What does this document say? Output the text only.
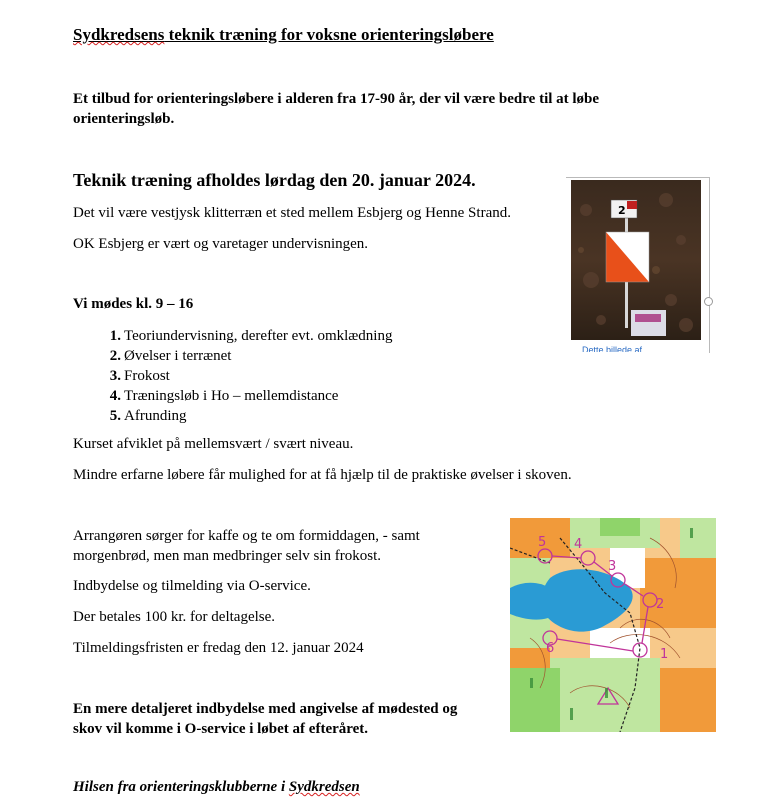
Sydkredsens teknik træning for voksne orienteringsløbere

Et tilbud for orienteringsløbere i alderen fra 17-90 år, der vil være bedre til at løbe orienteringsløb.

Teknik træning afholdes lørdag den 20. januar 2024.

Det vil være vestjysk klitterræn et sted mellem Esbjerg og Henne Strand.

OK Esbjerg er vært og varetager undervisningen.

Vi mødes kl. 9 – 16

1. Teoriundervisning, derefter evt. omklædning
2. Øvelser i terrænet
3. Frokost
4. Træningsløb i Ho – mellemdistance
5. Afrunding

Kurset afviklet på mellemsvært / svært niveau.

Mindre erfarne løbere får mulighed for at få hjælp til de praktiske øvelser i skoven.

Arrangøren sørger for kaffe og te om formiddagen, - samt

morgenbrød, men man medbringer selv sin frokost.

Indbydelse og tilmelding via O-service.

Der betales 100 kr. for deltagelse.

Tilmeldingsfristen er fredag den 12. januar 2024

En mere detaljeret indbydelse med angivelse af mødested og

skov vil komme i O-service i løbet af efteråret.

Hilsen fra orienteringsklubberne i Sydkredsen

2
Dette billede af
5 4
3
2
1
6
